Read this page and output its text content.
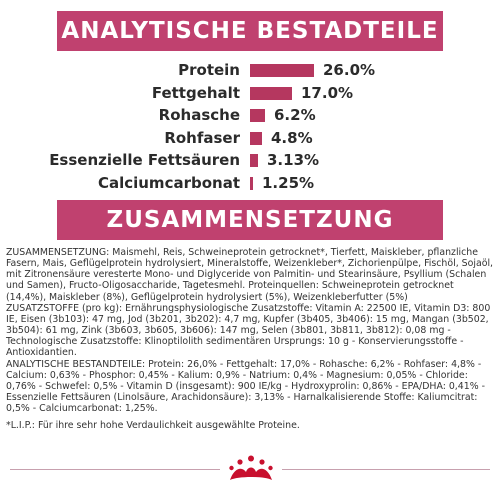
ANALYTISCHE BESTADTEILE
Protein	26.0%
Fettgehalt	17.0%
Rohasche 6.2%
Rohfaser 4.8%
Essenzielle Fettsäuren 3.13%
Calciumcarbonat 1.25%
ZUSAMMENSETZUNG

ZUSAMMENSETZUNG: Maismehl, Reis, Schweineprotein getrocknet*, Tierfett, Maiskleber, pflanzliche Fasern, Mais, Geflügelprotein hydrolysiert, Mineralstoffe, Weizenkleber*, Zichorienpülpe, Fischöl, Sojaöl, mit Zitronensäure veresterte Mono- und Diglyceride von Palmitin- und Stearinsäure, Psyllium (Schalen und Samen), Fructo-Oligosaccharide, Tagetesmehl. Proteinquellen: Schweineprotein getrocknet (14,4%), Maiskleber (8%), Geflügelprotein hydrolysiert (5%), Weizenkleberfutter (5%)

ZUSATZSTOFFE (pro kg): Ernährungsphysiologische Zusatzstoffe: Vitamin A: 22500 IE, Vitamin D3: 800 IE, Eisen (3b103): 47 mg, Jod (3b201, 3b202): 4,7 mg, Kupfer (3b405, 3b406): 15 mg, Mangan (3b502, 3b504): 61 mg, Zink (3b603, 3b605, 3b606): 147 mg, Selen (3b801, 3b811, 3b812): 0,08 mg - Technologische Zusatzstoffe: Klinoptilolith sedimentären Ursprungs: 10 g - Konservierungsstoffe - Antioxidantien.

ANALYTISCHE BESTANDTEILE: Protein: 26,0% - Fettgehalt: 17,0% - Rohasche: 6,2% - Rohfaser: 4,8% - Calcium: 0,63% - Phosphor: 0,45% - Kalium: 0,9% - Natrium: 0,4% - Magnesium: 0,05% - Chloride: 0,76% - Schwefel: 0,5% - Vitamin D (insgesamt): 900 IE/kg - Hydroxyprolin: 0,86% - EPA/DHA: 0,41% - Essenzielle Fettsäuren (Linolsäure, Arachidonsäure): 3,13% - Harnalkalisierende Stoffe: Kaliumcitrat: 0,5% - Calciumcarbonat: 1,25%.

*L.I.P.: Für ihre sehr hohe Verdaulichkeit ausgewählte Proteine.
